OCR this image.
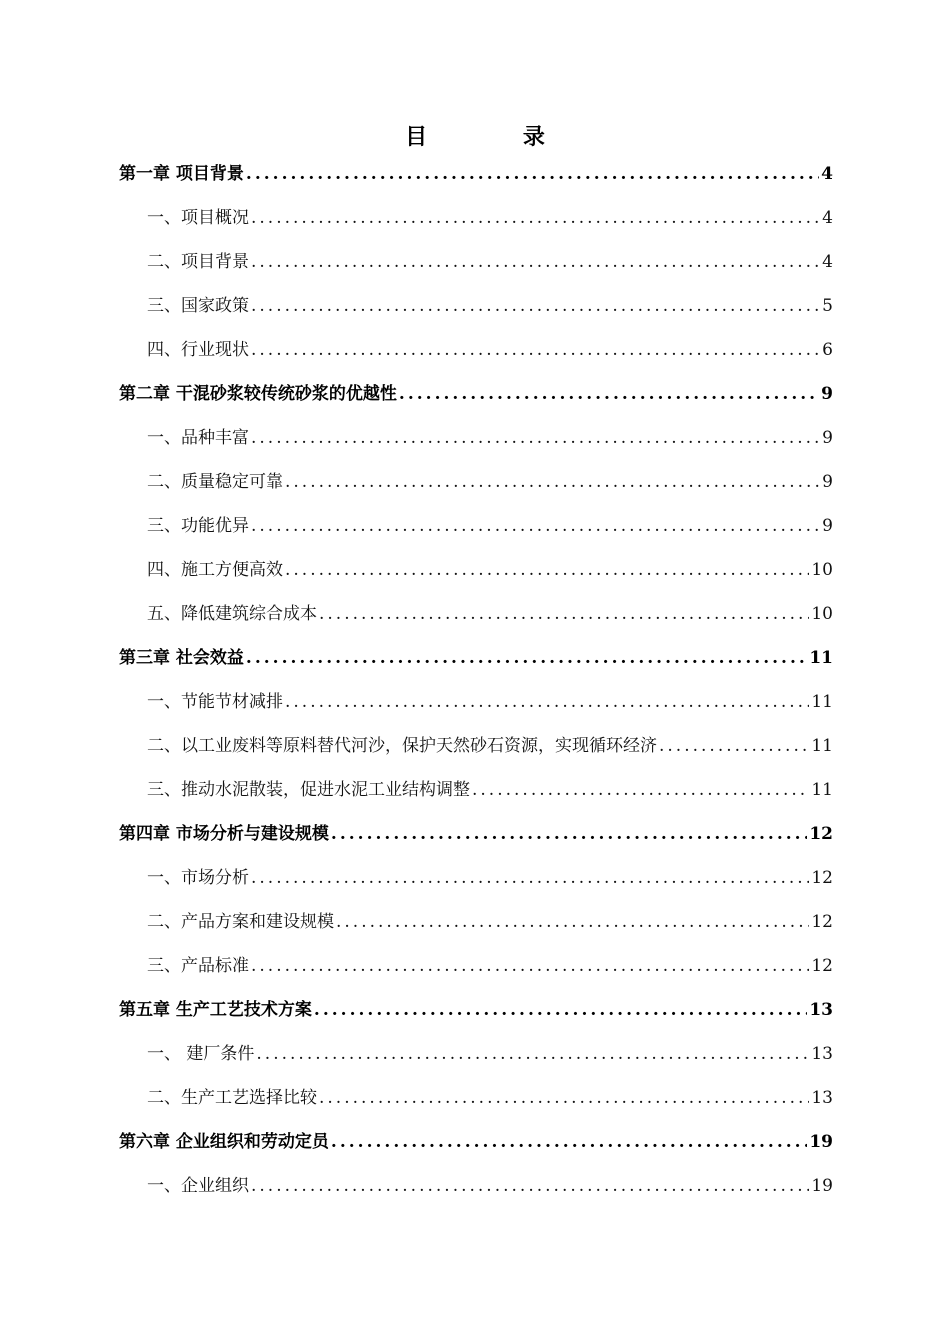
目 录
第一章 项目背景 .....	4
一、项目概况 .....	4
二、项目背景 .....	4
三、国家政策 .....	5
四、行业现状 .....	6
第二章 干混砂浆较传统砂浆的优越性 .....	9
一、品种丰富 .....	9
二、质量稳定可靠 .....	9
三、功能优异 .....	9
四、施工方便高效 .....	10
五、降低建筑综合成本 .....	10
第三章 社会效益 .....	11
一、节能节材减排 .....	11
二、以工业废料等原料替代河沙，保护天然砂石资源，实现循环经济 .....	11
三、推动水泥散装，促进水泥工业结构调整 .....	11
第四章 市场分析与建设规模 .....	12
一、市场分析 .....	12
二、产品方案和建设规模 .....	12
三、产品标准 .....	12
第五章 生产工艺技术方案 .....	13
一、 建厂条件 .....	13
二、生产工艺选择比较 .....	13
第六章 企业组织和劳动定员 .....	19
一、企业组织 .....	19
